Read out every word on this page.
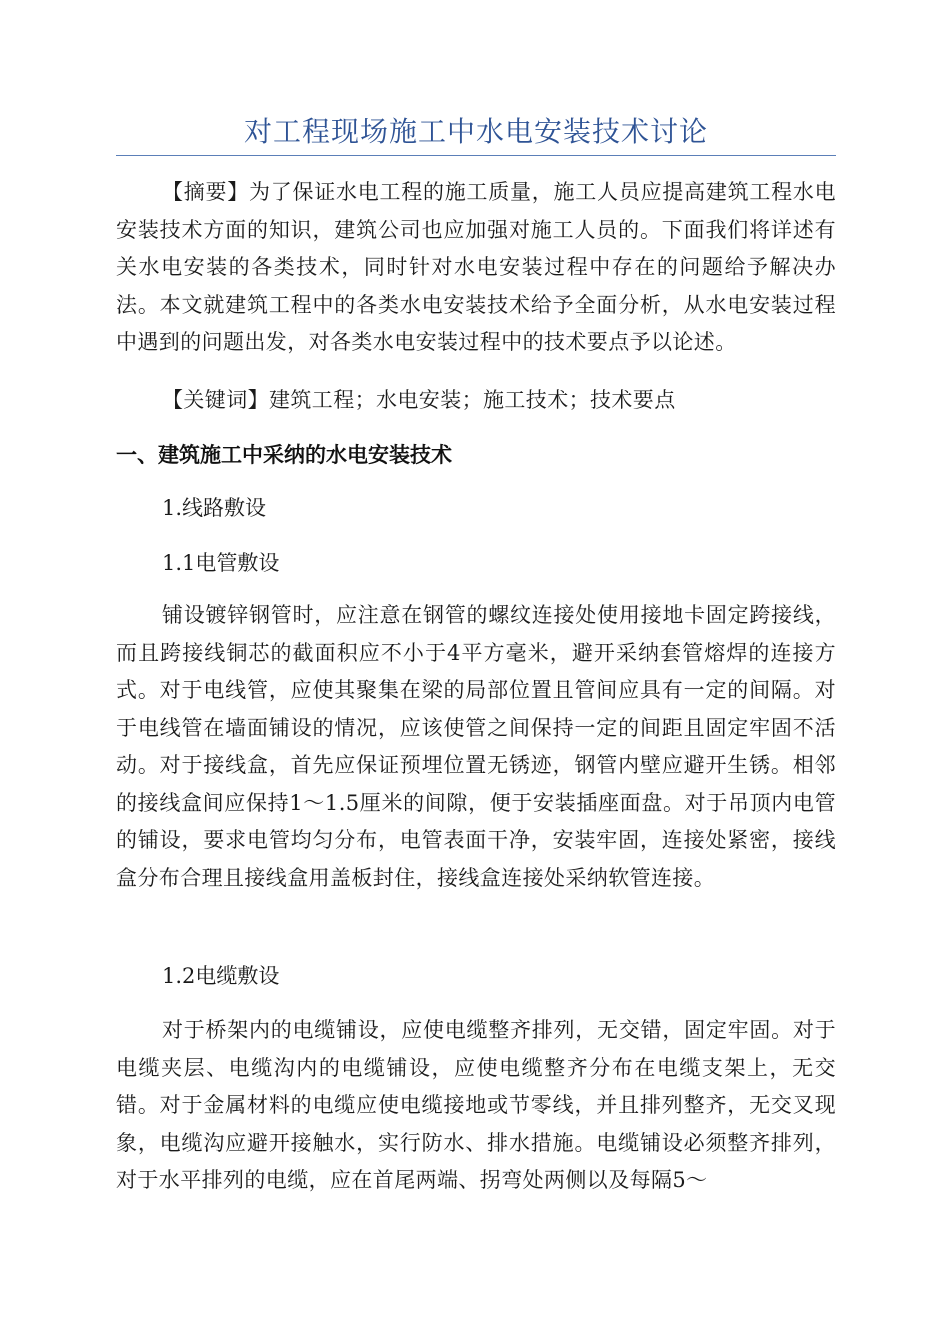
对工程现场施工中水电安装技术讨论
【摘要】为了保证水电工程的施工质量，施工人员应提高建筑工程水电安装技术方面的知识，建筑公司也应加强对施工人员的。下面我们将详述有关水电安装的各类技术，同时针对水电安装过程中存在的问题给予解决办法。本文就建筑工程中的各类水电安装技术给予全面分析，从水电安装过程中遇到的问题出发，对各类水电安装过程中的技术要点予以论述。
【关键词】建筑工程；水电安装；施工技术；技术要点
一、建筑施工中采纳的水电安装技术
1.线路敷设
1.1电管敷设
铺设镀锌钢管时，应注意在钢管的螺纹连接处使用接地卡固定跨接线，而且跨接线铜芯的截面积应不小于4平方毫米，避开采纳套管熔焊的连接方式。对于电线管，应使其聚集在梁的局部位置且管间应具有一定的间隔。对于电线管在墙面铺设的情况，应该使管之间保持一定的间距且固定牢固不活动。对于接线盒，首先应保证预埋位置无锈迹，钢管内壁应避开生锈。相邻的接线盒间应保持1～1.5厘米的间隙，便于安装插座面盘。对于吊顶内电管的铺设，要求电管均匀分布，电管表面干净，安装牢固，连接处紧密，接线盒分布合理且接线盒用盖板封住，接线盒连接处采纳软管连接。
1.2电缆敷设
对于桥架内的电缆铺设，应使电缆整齐排列，无交错，固定牢固。对于电缆夹层、电缆沟内的电缆铺设，应使电缆整齐分布在电缆支架上，无交错。对于金属材料的电缆应使电缆接地或节零线，并且排列整齐，无交叉现象，电缆沟应避开接触水，实行防水、排水措施。电缆铺设必须整齐排列，对于水平排列的电缆，应在首尾两端、拐弯处两侧以及每隔5～
